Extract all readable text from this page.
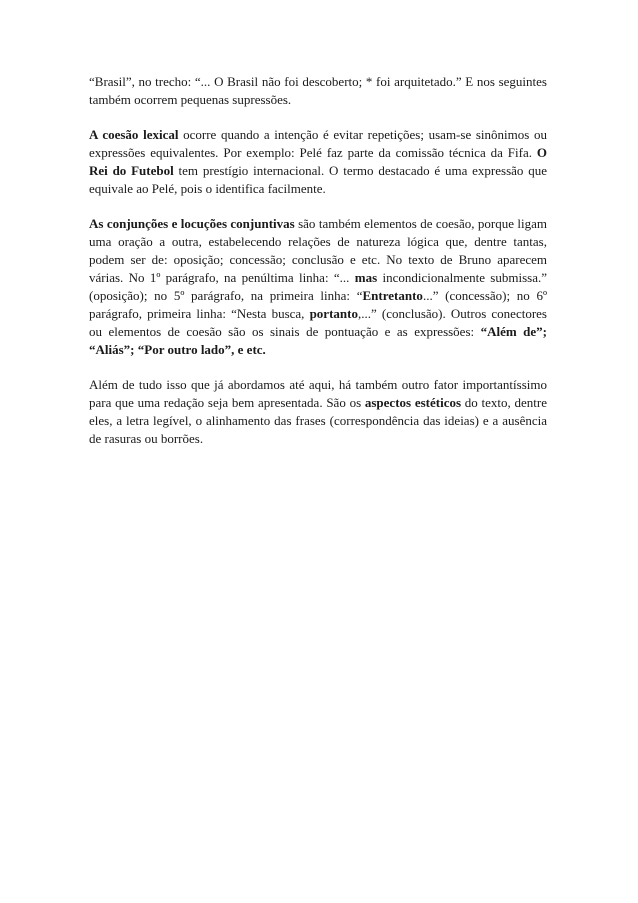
“Brasil”, no trecho: “... O Brasil não foi descoberto; * foi arquitetado.” E nos seguintes também ocorrem pequenas supressões.

A coesão lexical ocorre quando a intenção é evitar repetições; usam-se sinônimos ou expressões equivalentes. Por exemplo: Pelé faz parte da comissão técnica da Fifa. O Rei do Futebol tem prestígio internacional. O termo destacado é uma expressão que equivale ao Pelé, pois o identifica facilmente.

As conjunções e locuções conjuntivas são também elementos de coesão, porque ligam uma oração a outra, estabelecendo relações de natureza lógica que, dentre tantas, podem ser de: oposição; concessão; conclusão e etc. No texto de Bruno aparecem várias. No 1º parágrafo, na penúltima linha: “... mas incondicionalmente submissa.” (oposição); no 5º parágrafo, na primeira linha: “Entretanto...” (concessão); no 6º parágrafo, primeira linha: “Nesta busca, portanto,...” (conclusão). Outros conectores ou elementos de coesão são os sinais de pontuação e as expressões: “Além de”; “Aliás”; “Por outro lado”, e etc.

Além de tudo isso que já abordamos até aqui, há também outro fator importantíssimo para que uma redação seja bem apresentada. São os aspectos estéticos do texto, dentre eles, a letra legível, o alinhamento das frases (correspondência das ideias) e a ausência de rasuras ou borrões.
